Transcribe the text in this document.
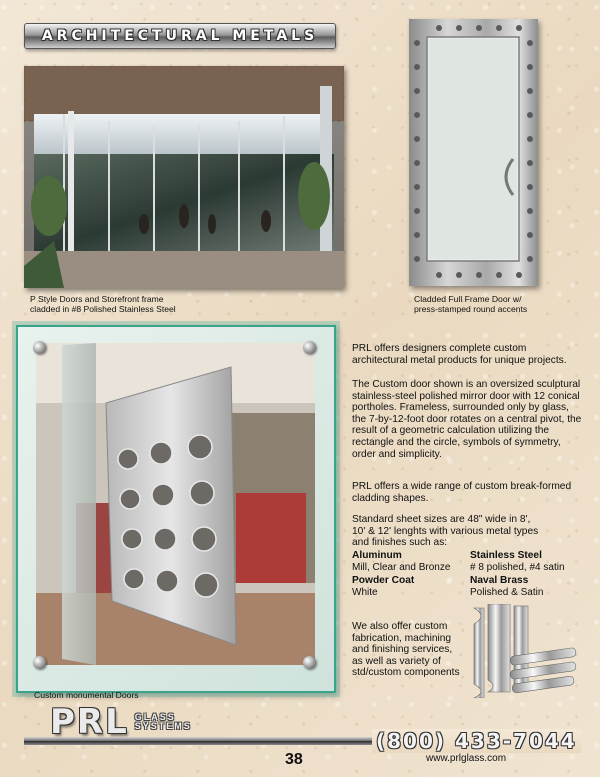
ARCHITECTURAL METALS
P Style Doors and Storefront frame
cladded in #8 Polished Stainless Steel
Cladded Full Frame Door w/
press-stamped round accents
Custom monumental Doors
PRL offers designers complete custom architectural metal products for unique projects.
The Custom door shown is an oversized sculptural stainless-steel polished mirror door with 12 conical portholes. Frameless, surrounded only by glass, the 7-by-12-foot door rotates on a central pivot, the result of a geometric calculation utilizing the rectangle and the circle, symbols of symmetry, order and simplicity.
PRL offers a wide range of custom break-formed cladding shapes.
Standard sheet sizes are 48" wide in 8', 10' & 12' lenghts with various metal types and finishes such as:
Aluminum
Mill, Clear and Bronze
Stainless Steel
# 8 polished, #4 satin
Powder Coat
White
Naval Brass
Polished & Satin
We also offer custom fabrication, machining and finishing services, as well as variety of std/custom components
PRL GLASS
SYSTEMS
(800) 433-7044
38	www.prlglass.com
